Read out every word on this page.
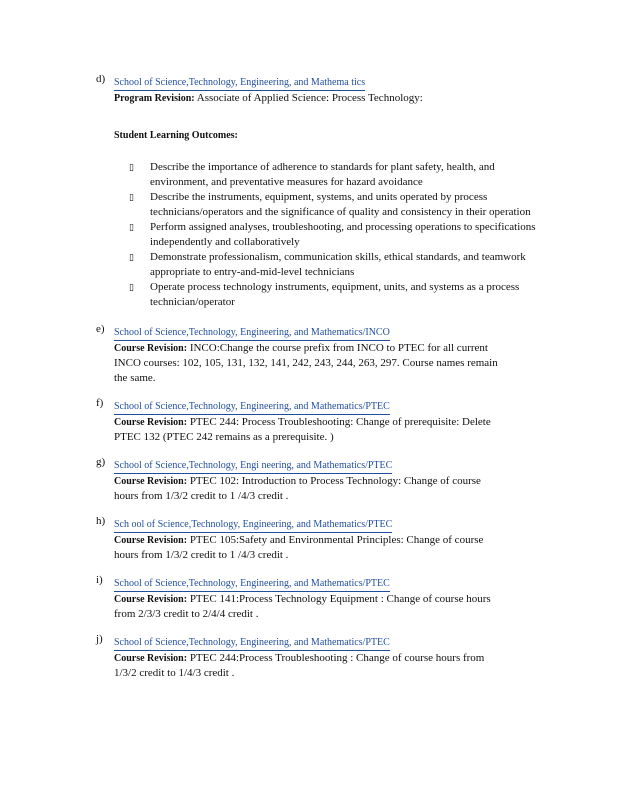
d) School of Science,Technology, Engineering, and Mathema tics
Program Revision: Associate of Applied Science: Process Technology:
Student Learning Outcomes:
▯ Describe the importance of adherence to standards for plant safety, health, and environment, and preventative measures for hazard avoidance
▯ Describe the instruments, equipment, systems, and units operated by process technicians/operators and the significance of quality and consistency in their operation
▯ Perform assigned analyses, troubleshooting, and processing operations to specifications independently and collaboratively
▯ Demonstrate professionalism, communication skills, ethical standards, and teamwork appropriate to entry-and-mid-level technicians
▯ Operate process technology instruments, equipment, units, and systems as a process technician/operator
e) School of Science,Technology, Engineering, and Mathematics/INCO
Course Revision: INCO:Change the course prefix from INCO to PTEC for all current
INCO courses: 102, 105, 131, 132, 141, 242, 243, 244, 263, 297. Course names remain
the same.
f) School of Science,Technology, Engineering, and Mathematics/PTEC
Course Revision: PTEC 244: Process Troubleshooting: Change of prerequisite: Delete
PTEC 132 (PTEC 242 remains as a prerequisite. )
g) School of Science,Technology, Engi neering, and Mathematics/PTEC
Course Revision: PTEC 102: Introduction to Process Technology: Change of course
hours from 1/3/2 credit to 1 /4/3 credit .
h) Sch ool of Science,Technology, Engineering, and Mathematics/PTEC
Course Revision: PTEC 105:Safety and Environmental Principles: Change of course
hours from 1/3/2 credit to 1 /4/3 credit .
i) School of Science,Technology, Engineering, and Mathematics/PTEC
Course Revision: PTEC 141:Process Technology Equipment : Change of course hours
from 2/3/3 credit to 2/4/4 credit .
j) School of Science,Technology, Engineering, and Mathematics/PTEC
Course Revision: PTEC 244:Process Troubleshooting : Change of course hours from
1/3/2 credit to 1/4/3 credit .
